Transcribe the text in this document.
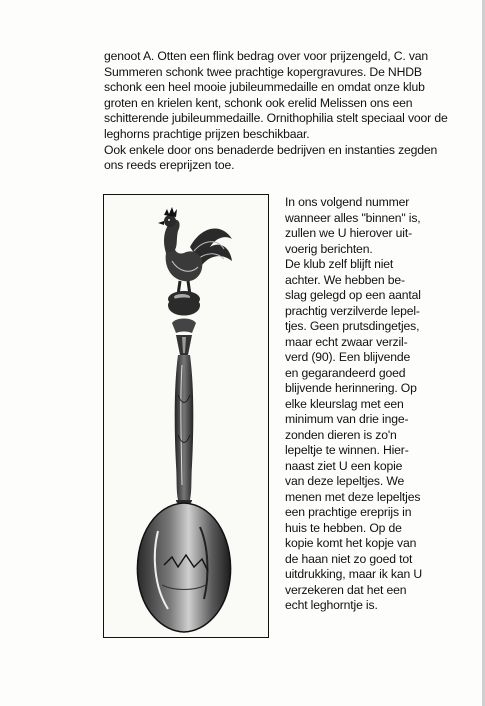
genoot A. Otten een flink bedrag over voor prijzengeld, C. van Summeren schonk twee prachtige kopergravures. De NHDB schonk een heel mooie jubileummedaille en omdat onze klub groten en krielen kent, schonk ook erelid Melissen ons een schitterende jubileummedaille. Ornithophilia stelt speciaal voor de leghorns prachtige prijzen beschikbaar.

Ook enkele door ons benaderde bedrijven en instanties zegden ons reeds ereprijzen toe.

In ons volgend nummer
wanneer alles "binnen" is,
zullen we U hierover uit-
voerig berichten.

De klub zelf blijft niet
achter. We hebben be-
slag gelegd op een aantal
prachtig verzilverde lepel-
tjes. Geen prutsdingetjes,
maar echt zwaar verzil-
verd (90). Een blijvende
en gegarandeerd goed
blijvende herinnering. Op
elke kleurslag met een
minimum van drie inge-
zonden dieren is zo'n
lepeltje te winnen. Hier-
naast ziet U een kopie
van deze lepeltjes. We
menen met deze lepeltjes
een prachtige ereprijs in
huis te hebben. Op de
kopie komt het kopje van
de haan niet zo goed tot
uitdrukking, maar ik kan U
verzekeren dat het een
echt leghorntje is.
